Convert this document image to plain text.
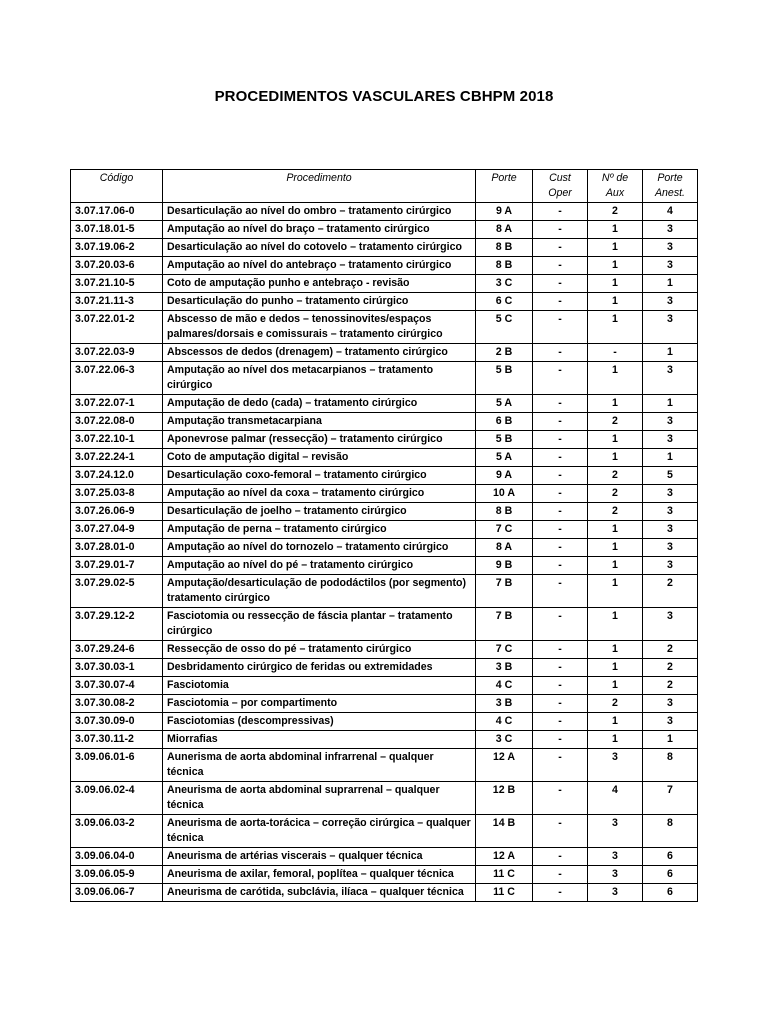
PROCEDIMENTOS VASCULARES CBHPM 2018
Código	Procedimento	Porte	Cust Oper	Nº de Aux	Porte Anest.
3.07.17.06-0	Desarticulação ao nível do ombro – tratamento cirúrgico	9 A	-	2	4
3.07.18.01-5	Amputação ao nível do braço – tratamento cirúrgico	8 A	-	1	3
3.07.19.06-2	Desarticulação ao nível do cotovelo – tratamento cirúrgico	8 B	-	1	3
3.07.20.03-6	Amputação ao nível do antebraço – tratamento cirúrgico	8 B	-	1	3
3.07.21.10-5	Coto de amputação punho e antebraço - revisão	3 C	-	1	1
3.07.21.11-3	Desarticulação do punho – tratamento cirúrgico	6 C	-	1	3
3.07.22.01-2	Abscesso de mão e dedos – tenossinovites/espaços palmares/dorsais e comissurais – tratamento cirúrgico	5 C	-	1	3
3.07.22.03-9	Abscessos de dedos (drenagem) – tratamento cirúrgico	2 B	-	-	1
3.07.22.06-3	Amputação ao nível dos metacarpianos – tratamento cirúrgico	5 B	-	1	3
3.07.22.07-1	Amputação de dedo (cada) – tratamento cirúrgico	5 A	-	1	1
3.07.22.08-0	Amputação transmetacarpiana	6 B	-	2	3
3.07.22.10-1	Aponevrose palmar (ressecção) – tratamento cirúrgico	5 B	-	1	3
3.07.22.24-1	Coto de amputação digital – revisão	5 A	-	1	1
3.07.24.12.0	Desarticulação coxo-femoral – tratamento cirúrgico	9 A	-	2	5
3.07.25.03-8	Amputação ao nível da coxa – tratamento cirúrgico	10 A	-	2	3
3.07.26.06-9	Desarticulação de joelho – tratamento cirúrgico	8 B	-	2	3
3.07.27.04-9	Amputação de perna – tratamento cirúrgico	7 C	-	1	3
3.07.28.01-0	Amputação ao nível do tornozelo – tratamento cirúrgico	8 A	-	1	3
3.07.29.01-7	Amputação ao nível do pé – tratamento cirúrgico	9 B	-	1	3
3.07.29.02-5	Amputação/desarticulação de pododáctilos (por segmento) tratamento cirúrgico	7 B	-	1	2
3.07.29.12-2	Fasciotomia ou ressecção de fáscia plantar – tratamento cirúrgico	7 B	-	1	3
3.07.29.24-6	Ressecção de osso do pé – tratamento cirúrgico	7 C	-	1	2
3.07.30.03-1	Desbridamento cirúrgico de feridas ou extremidades	3 B	-	1	2
3.07.30.07-4	Fasciotomia	4 C	-	1	2
3.07.30.08-2	Fasciotomia – por compartimento	3 B	-	2	3
3.07.30.09-0	Fasciotomias (descompressivas)	4 C	-	1	3
3.07.30.11-2	Miorrafias	3 C	-	1	1
3.09.06.01-6	Aunerisma de aorta abdominal infrarrenal – qualquer técnica	12 A	-	3	8
3.09.06.02-4	Aneurisma de aorta abdominal suprarrenal – qualquer técnica	12 B	-	4	7
3.09.06.03-2	Aneurisma de aorta-torácica – correção cirúrgica – qualquer técnica	14 B	-	3	8
3.09.06.04-0	Aneurisma de artérias viscerais – qualquer técnica	12 A	-	3	6
3.09.06.05-9	Aneurisma de axilar, femoral, poplítea – qualquer técnica	11 C	-	3	6
3.09.06.06-7	Aneurisma de carótida, subclávia, ilíaca – qualquer técnica	11 C	-	3	6
